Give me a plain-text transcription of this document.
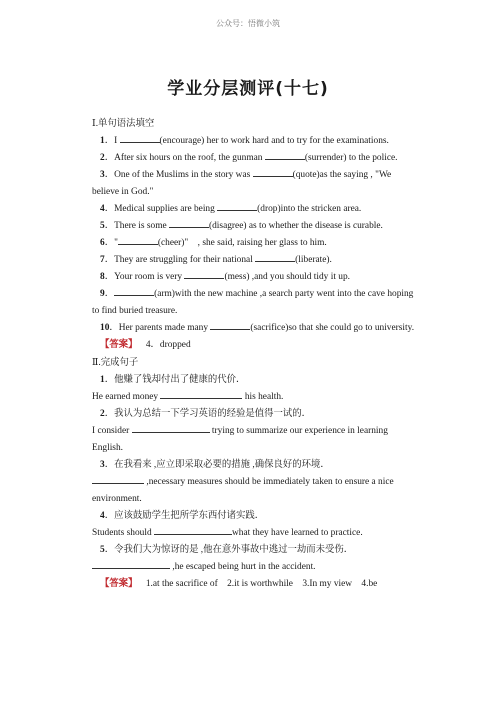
公众号：悟微小筑
学业分层测评(十七)
Ⅰ.单句语法填空
1．I	(encourage) her to work hard and to try for the examinations.
2．After six hours on the roof, the gunman	(surrender) to the police.
3．One of the Muslims in the story was	(quote)as the saying , "We
believe in God."
4．Medical supplies are being	(drop)into the stricken area.
5．There is some	(disagree) as to whether the disease is curable.
6．"	(cheer)"　, she said, raising her glass to him.
7．They are struggling for their national	(liberate).
8．Your room is very	(mess) ,and you should tidy it up.
9．	(arm)with the new machine ,a search party went into the cave hoping
to find buried treasure.
10．Her parents made many	(sacrifice)so that she could go to university.
【答案】 4．dropped
Ⅱ.完成句子
1．他赚了钱却付出了健康的代价．
He earned money	his health.
2．我认为总结一下学习英语的经验是值得一试的．
I consider	trying to summarize our experience in learning
English.
3．在我看来 ,应立即采取必要的措施 ,确保良好的环境．
,necessary measures should be immediately taken to ensure a nice
environment.
4．应该鼓励学生把所学东西付诸实践．
Students should	what they have learned to practice.
5．令我们大为惊讶的是 ,他在意外事故中逃过一劫而未受伤．
,he escaped being hurt in the accident.
【答案】 1.at the sacrifice of　2.it is worthwhile　3.In my view　4.be
